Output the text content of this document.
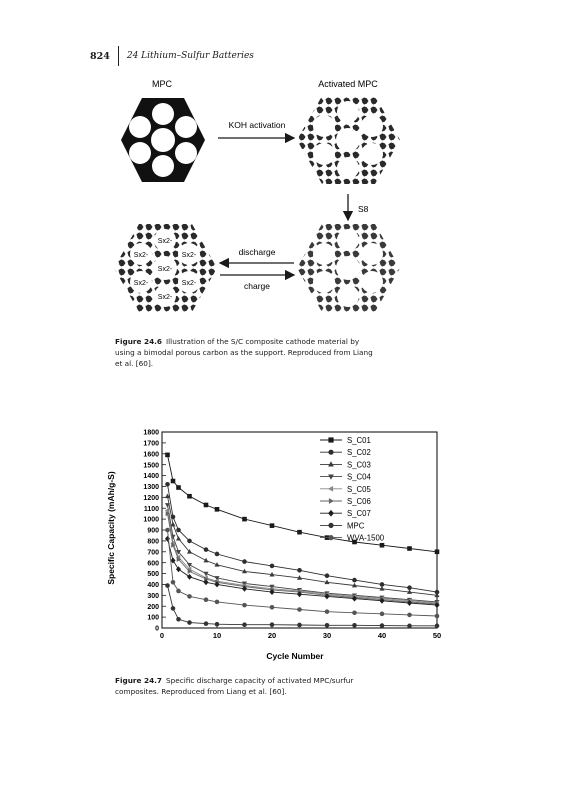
824 24 Lithium–Sulfur Batteries
MPC	Activated MPC
KOH activation
S8
discharge
charge
Sx2-
Sx2-	Sx2-
Sx2-	Sx2-
Sx2-
Sx2-
Figure 24.6 Illustration of the S/C composite cathode material by using a bimodal porous carbon as the support. Reproduced from Liang et al. [60].
0
100
200
300
400
500
600
700
800
900
1000
1100
1200
1300
1400
1500
1600
1700
1800
0	10	20	30	40	50
S_C01
S_C02
S_C03
S_C04
S_C05
S_C06
S_C07
MPC
WVA-1500
Cycle Number
Specific Capacity (mAh/g-S)
Figure 24.7 Specific discharge capacity of activated MPC/surfur composites. Reproduced from Liang et al. [60].
